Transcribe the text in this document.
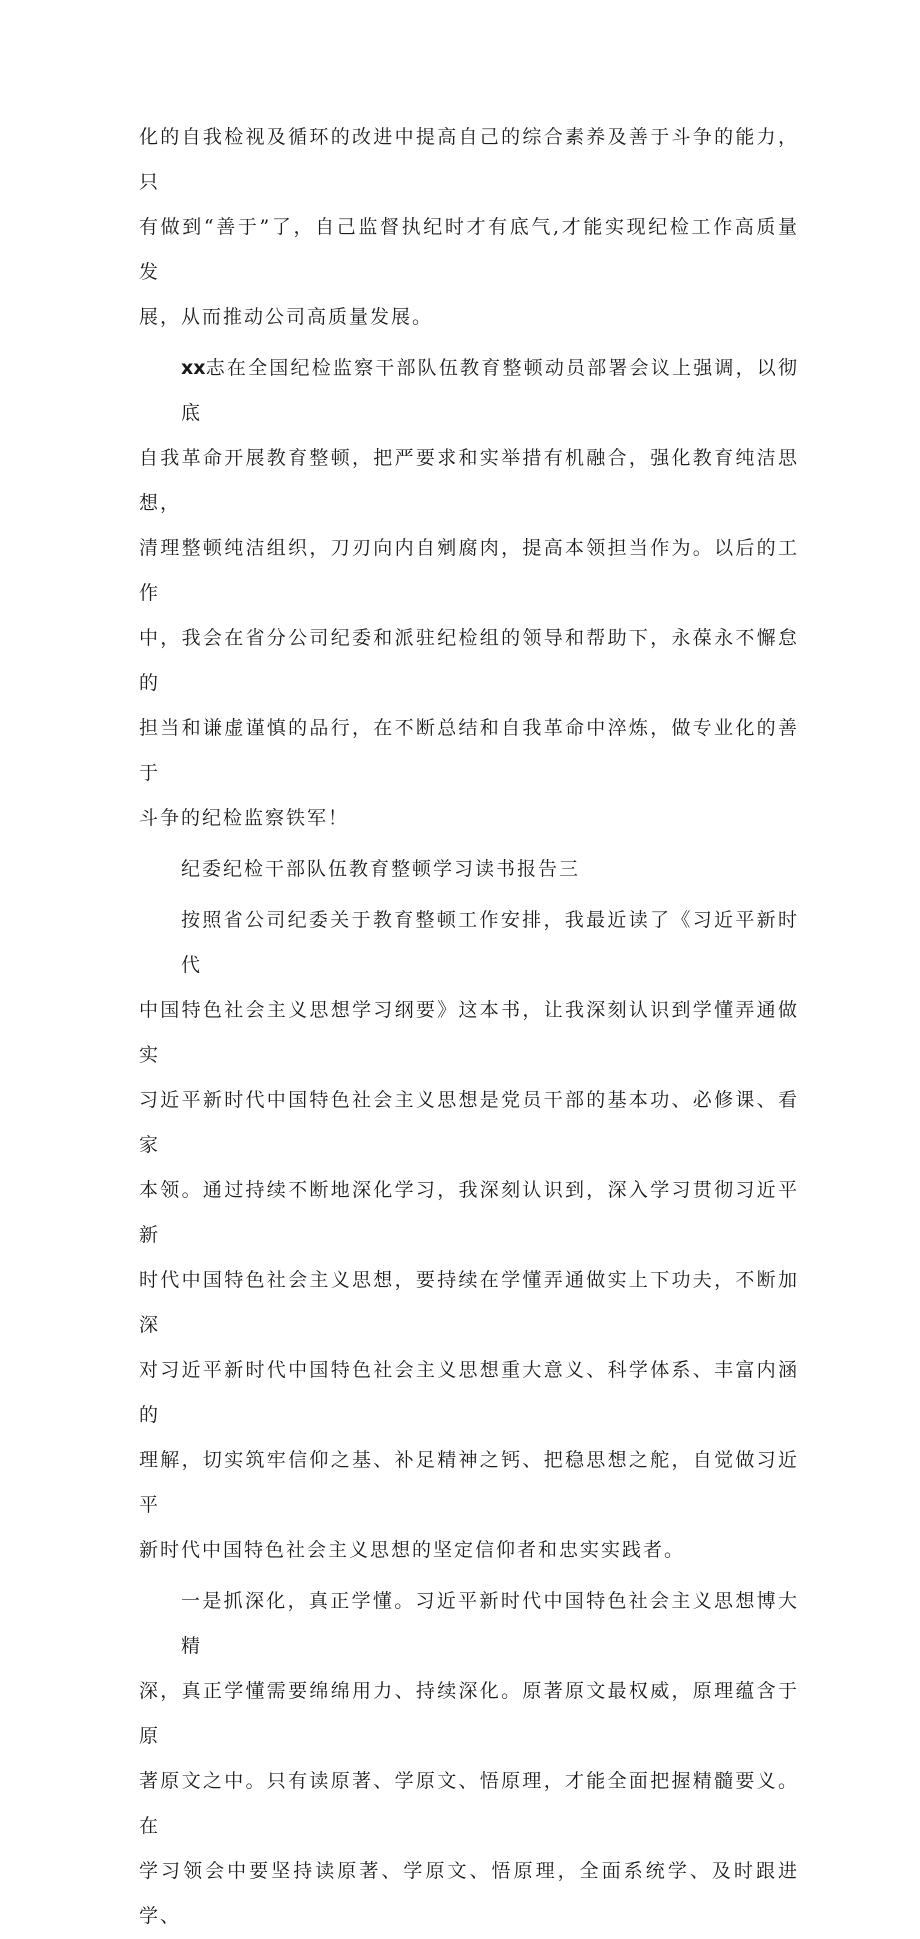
化的自我检视及循环的改进中提高自己的综合素养及善于斗争的能力，只
有做到“善于”了，自己监督执纪时才有底气,才能实现纪检工作高质量发
展，从而推动公司高质量发展。

xx志在全国纪检监察干部队伍教育整顿动员部署会议上强调，以彻底
自我革命开展教育整顿，把严要求和实举措有机融合，强化教育纯洁思想，
清理整顿纯洁组织，刀刃向内自剜腐肉，提高本领担当作为。以后的工作
中，我会在省分公司纪委和派驻纪检组的领导和帮助下，永葆永不懈怠的
担当和谦虚谨慎的品行，在不断总结和自我革命中淬炼，做专业化的善于
斗争的纪检监察铁军！

纪委纪检干部队伍教育整顿学习读书报告三

按照省公司纪委关于教育整顿工作安排，我最近读了《习近平新时代
中国特色社会主义思想学习纲要》这本书，让我深刻认识到学懂弄通做实
习近平新时代中国特色社会主义思想是党员干部的基本功、必修课、看家
本领。通过持续不断地深化学习，我深刻认识到，深入学习贯彻习近平新
时代中国特色社会主义思想，要持续在学懂弄通做实上下功夫，不断加深
对习近平新时代中国特色社会主义思想重大意义、科学体系、丰富内涵的
理解，切实筑牢信仰之基、补足精神之钙、把稳思想之舵，自觉做习近平
新时代中国特色社会主义思想的坚定信仰者和忠实实践者。

一是抓深化，真正学懂。习近平新时代中国特色社会主义思想博大精
深，真正学懂需要绵绵用力、持续深化。原著原文最权威，原理蕴含于原
著原文之中。只有读原著、学原文、悟原理，才能全面把握精髓要义。在
学习领会中要坚持读原著、学原文、悟原理，全面系统学、及时跟进学、
